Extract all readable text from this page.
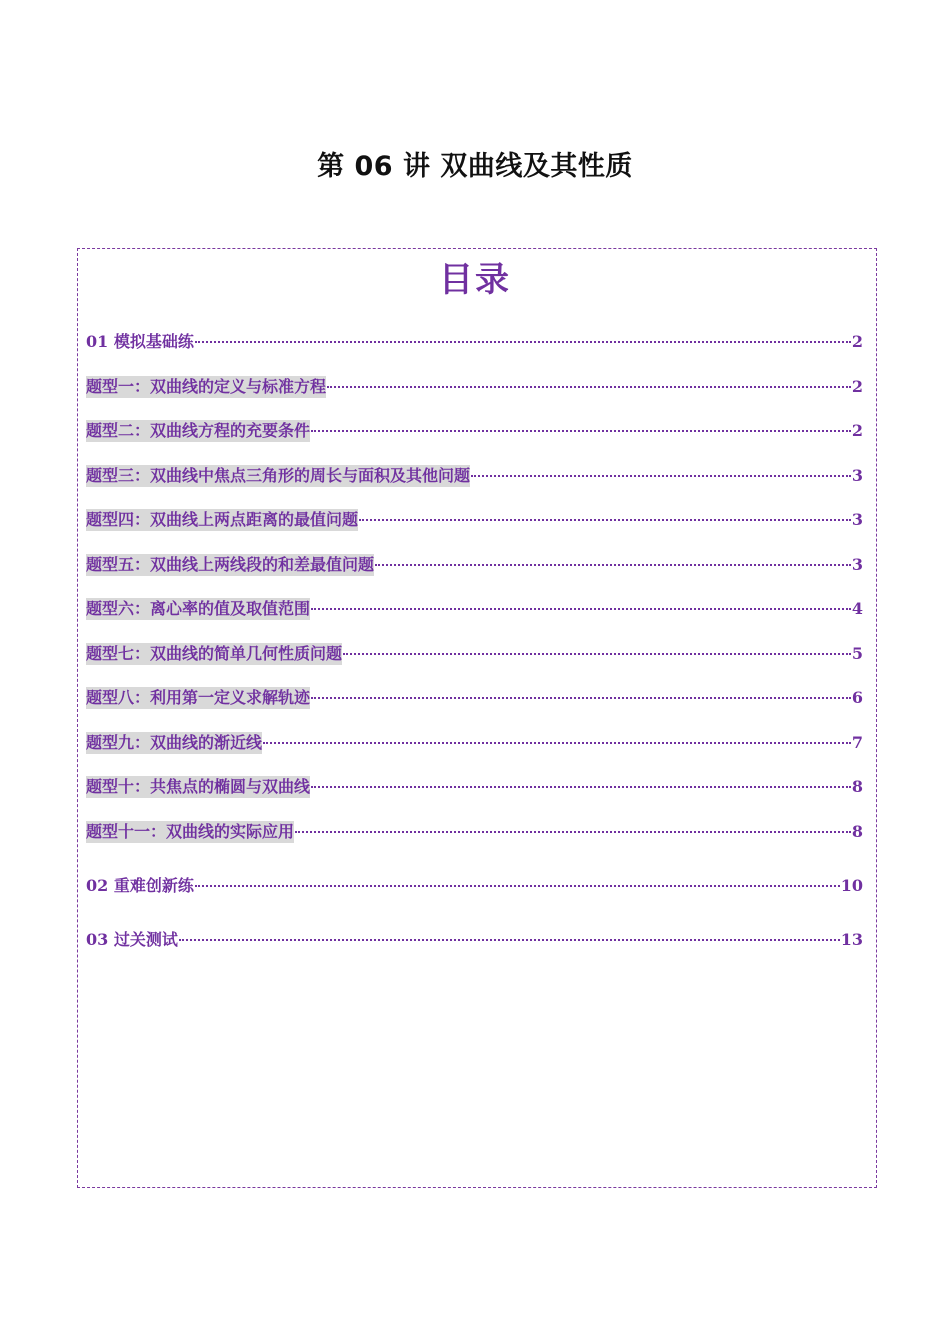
第 06 讲 双曲线及其性质
目录
01 模拟基础练	2
题型一：双曲线的定义与标准方程	2
题型二：双曲线方程的充要条件	2
题型三：双曲线中焦点三角形的周长与面积及其他问题	3
题型四：双曲线上两点距离的最值问题	3
题型五：双曲线上两线段的和差最值问题	3
题型六：离心率的值及取值范围	4
题型七：双曲线的简单几何性质问题	5
题型八：利用第一定义求解轨迹	6
题型九：双曲线的渐近线	7
题型十：共焦点的椭圆与双曲线	8
题型十一：双曲线的实际应用	8
02 重难创新练	10
03 过关测试	13
